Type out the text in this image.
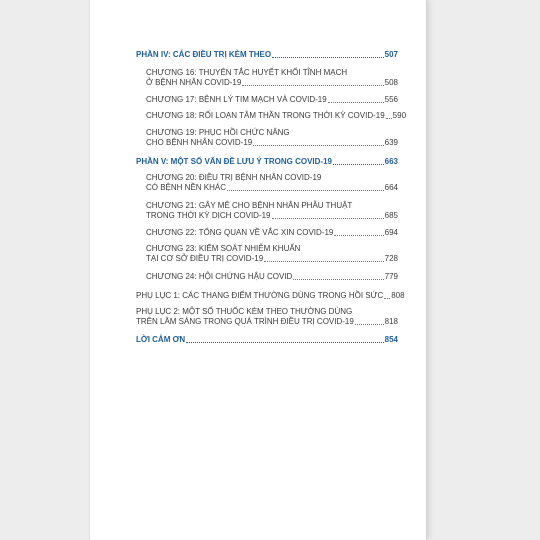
PHẦN IV: CÁC ĐIỀU TRỊ KÈM THEO	507
CHƯƠNG 16: THUYÊN TẮC HUYẾT KHỐI TĨNH MẠCH
Ở BỆNH NHÂN COVID-19	508
CHƯƠNG 17: BỆNH LÝ TIM MẠCH VÀ COVID-19	556
CHƯƠNG 18: RỐI LOẠN TÂM THẦN TRONG THỜI KỲ COVID-19 590
CHƯƠNG 19: PHỤC HỒI CHỨC NĂNG
CHO BỆNH NHÂN COVID-19	639
PHẦN V: MỘT SỐ VẤN ĐỀ LƯU Ý TRONG COVID-19	663
CHƯƠNG 20: ĐIỀU TRỊ BỆNH NHÂN COVID-19
CÓ BỆNH NỀN KHÁC	664
CHƯƠNG 21: GÂY MÊ CHO BỆNH NHÂN PHẪU THUẬT
TRONG THỜI KỲ DỊCH COVID-19	685
CHƯƠNG 22: TỔNG QUAN VỀ VẮC XIN COVID-19	694
CHƯƠNG 23: KIỂM SOÁT NHIỄM KHUẨN
TẠI CƠ SỞ ĐIỀU TRỊ COVID-19	728
CHƯƠNG 24: HỘI CHỨNG HẬU COVID	779
PHỤ LỤC 1: CÁC THANG ĐIỂM THƯỜNG DÙNG TRONG HỒI SỨC 808
PHỤ LỤC 2: MỘT SỐ THUỐC KÈM THEO THƯỜNG DÙNG
TRÊN LÂM SÀNG TRONG QUÁ TRÌNH ĐIỀU TRỊ COVID-19	818
LỜI CẢM ƠN	854
